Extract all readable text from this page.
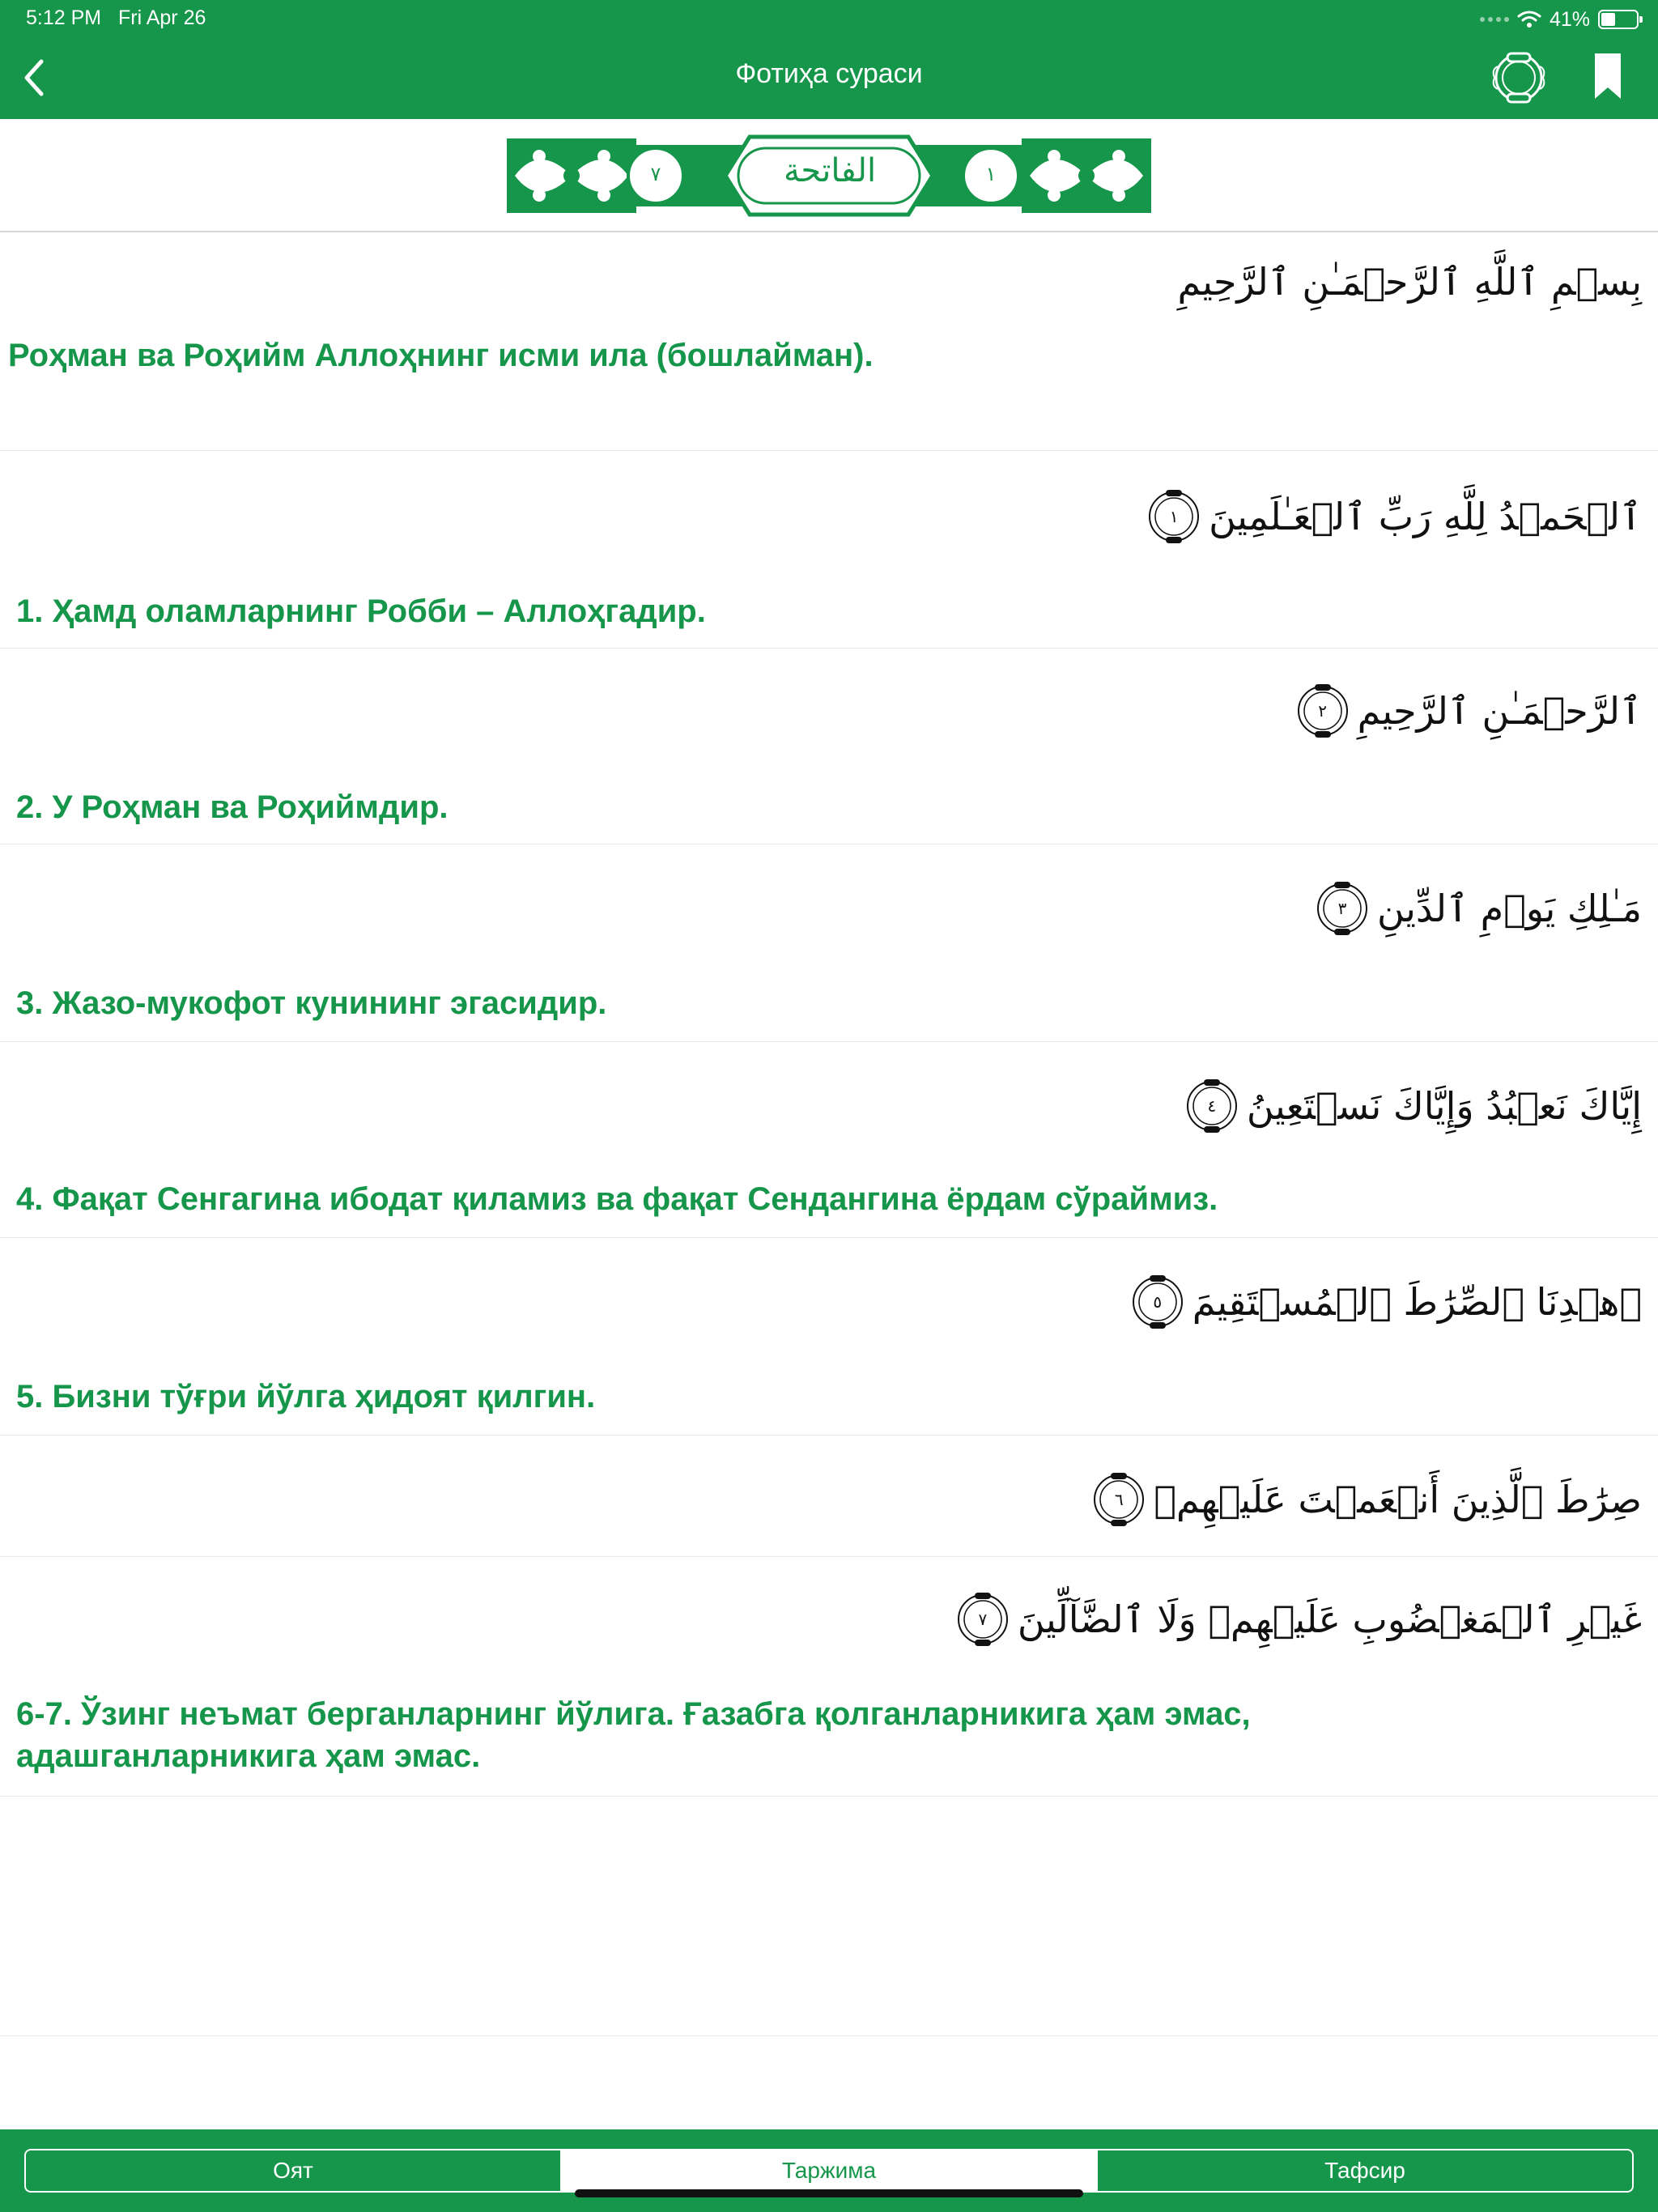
5:12 PM Fri Apr 26	41%
Фотиҳа сураси
٧	الفاتحة	١
بِسۡمِ ٱللَّهِ ٱلرَّحۡمَـٰنِ ٱلرَّحِيمِ
Роҳман ва Роҳийм Аллоҳнинг исми ила (бошлайман).
ٱلۡحَمۡدُ لِلَّهِ رَبِّ ٱلۡعَـٰلَمِينَ
١
1. Ҳамд оламларнинг Робби – Аллоҳгадир.
ٱلرَّحۡمَـٰنِ ٱلرَّحِيمِ
٢
2. У Роҳман ва Роҳиймдир.
مَـٰلِكِ يَوۡمِ ٱلدِّينِ
٣
3. Жазо-мукофот кунининг эгасидир.
إِيَّاكَ نَعۡبُدُ وَإِيَّاكَ نَسۡتَعِينُ
٤
4. Фақат Сенгагина ибодат қиламиз ва фақат Сендангина ёрдам сўраймиз.
ٱهۡدِنَا ٱلصِّرَٰطَ ٱلۡمُسۡتَقِيمَ
٥
5. Бизни тўғри йўлга ҳидоят қилгин.
صِرَٰطَ ٱلَّذِينَ أَنۡعَمۡتَ عَلَيۡهِمۡ
٦
غَيۡرِ ٱلۡمَغۡضُوبِ عَلَيۡهِمۡ وَلَا ٱلضَّآلِّينَ
٧
6-7. Ўзинг неъмат берганларнинг йўлига. Ғазабга қолганларникига ҳам эмас, адашганларникига ҳам эмас.
Оят	Таржима	Тафсир
